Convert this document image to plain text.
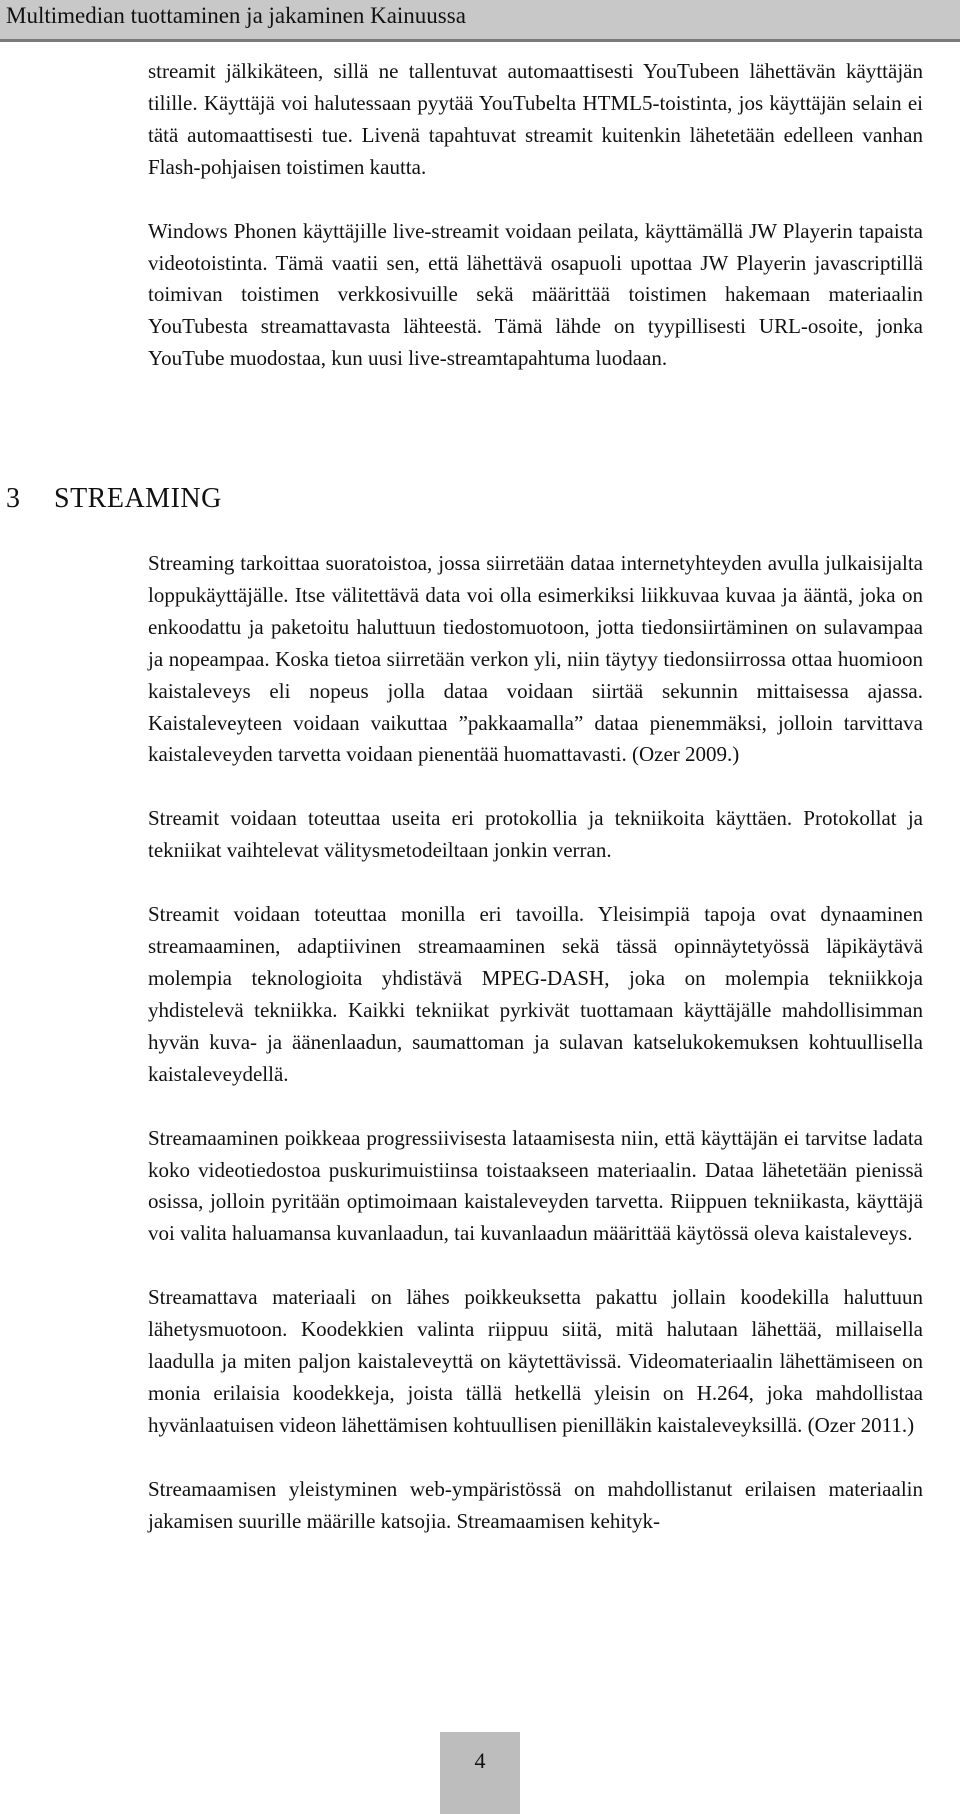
Multimedian tuottaminen ja jakaminen Kainuussa

streamit jälkikäteen, sillä ne tallentuvat automaattisesti YouTubeen lähettävän käyttäjän tilille. Käyttäjä voi halutessaan pyytää YouTubelta HTML5-toistinta, jos käyttäjän selain ei tätä automaattisesti tue. Livenä tapahtuvat streamit kuitenkin lähetetään edelleen vanhan Flash-pohjaisen toistimen kautta.

Windows Phonen käyttäjille live-streamit voidaan peilata, käyttämällä JW Playerin tapaista videotoistinta. Tämä vaatii sen, että lähettävä osapuoli upottaa JW Playerin javascriptillä toimivan toistimen verkkosivuille sekä määrittää toistimen hakemaan materiaalin YouTubesta streamattavasta lähteestä. Tämä lähde on tyypillisesti URL-osoite, jonka YouTube muodostaa, kun uusi live-streamtapahtuma luodaan.

3 STREAMING

Streaming tarkoittaa suoratoistoa, jossa siirretään dataa internetyhteyden avulla julkaisijalta loppukäyttäjälle. Itse välitettävä data voi olla esimerkiksi liikkuvaa kuvaa ja ääntä, joka on enkoodattu ja paketoitu haluttuun tiedostomuotoon, jotta tiedonsiirtäminen on sulavampaa ja nopeampaa. Koska tietoa siirretään verkon yli, niin täytyy tiedonsiirrossa ottaa huomioon kaistaleveys eli nopeus jolla dataa voidaan siirtää sekunnin mittaisessa ajassa. Kaistaleveyteen voidaan vaikuttaa ”pakkaamalla” dataa pienemmäksi, jolloin tarvittava kaistaleveyden tarvetta voidaan pienentää huomattavasti. (Ozer 2009.)

Streamit voidaan toteuttaa useita eri protokollia ja tekniikoita käyttäen. Protokollat ja tekniikat vaihtelevat välitysmetodeiltaan jonkin verran.

Streamit voidaan toteuttaa monilla eri tavoilla. Yleisimpiä tapoja ovat dynaaminen streamaaminen, adaptiivinen streamaaminen sekä tässä opinnäytetyössä läpikäytävä molempia teknologioita yhdistävä MPEG-DASH, joka on molempia tekniikkoja yhdistelevä tekniikka. Kaikki tekniikat pyrkivät tuottamaan käyttäjälle mahdollisimman hyvän kuva- ja äänenlaadun, saumattoman ja sulavan katselukokemuksen kohtuullisella kaistaleveydellä.

Streamaaminen poikkeaa progressiivisesta lataamisesta niin, että käyttäjän ei tarvitse ladata koko videotiedostoa puskurimuistiinsa toistaakseen materiaalin. Dataa lähetetään pienissä osissa, jolloin pyritään optimoimaan kaistaleveyden tarvetta. Riippuen tekniikasta, käyttäjä voi valita haluamansa kuvanlaadun, tai kuvanlaadun määrittää käytössä oleva kaistaleveys.

Streamattava materiaali on lähes poikkeuksetta pakattu jollain koodekilla haluttuun lähetysmuotoon. Koodekkien valinta riippuu siitä, mitä halutaan lähettää, millaisella laadulla ja miten paljon kaistaleveyttä on käytettävissä. Videomateriaalin lähettämiseen on monia erilaisia koodekkeja, joista tällä hetkellä yleisin on H.264, joka mahdollistaa hyvänlaatuisen videon lähettämisen kohtuullisen pienilläkin kaistaleveyksillä. (Ozer 2011.)

Streamaamisen yleistyminen web-ympäristössä on mahdollistanut erilaisen materiaalin jakamisen suurille määrille katsojia. Streamaamisen kehityk-

4
